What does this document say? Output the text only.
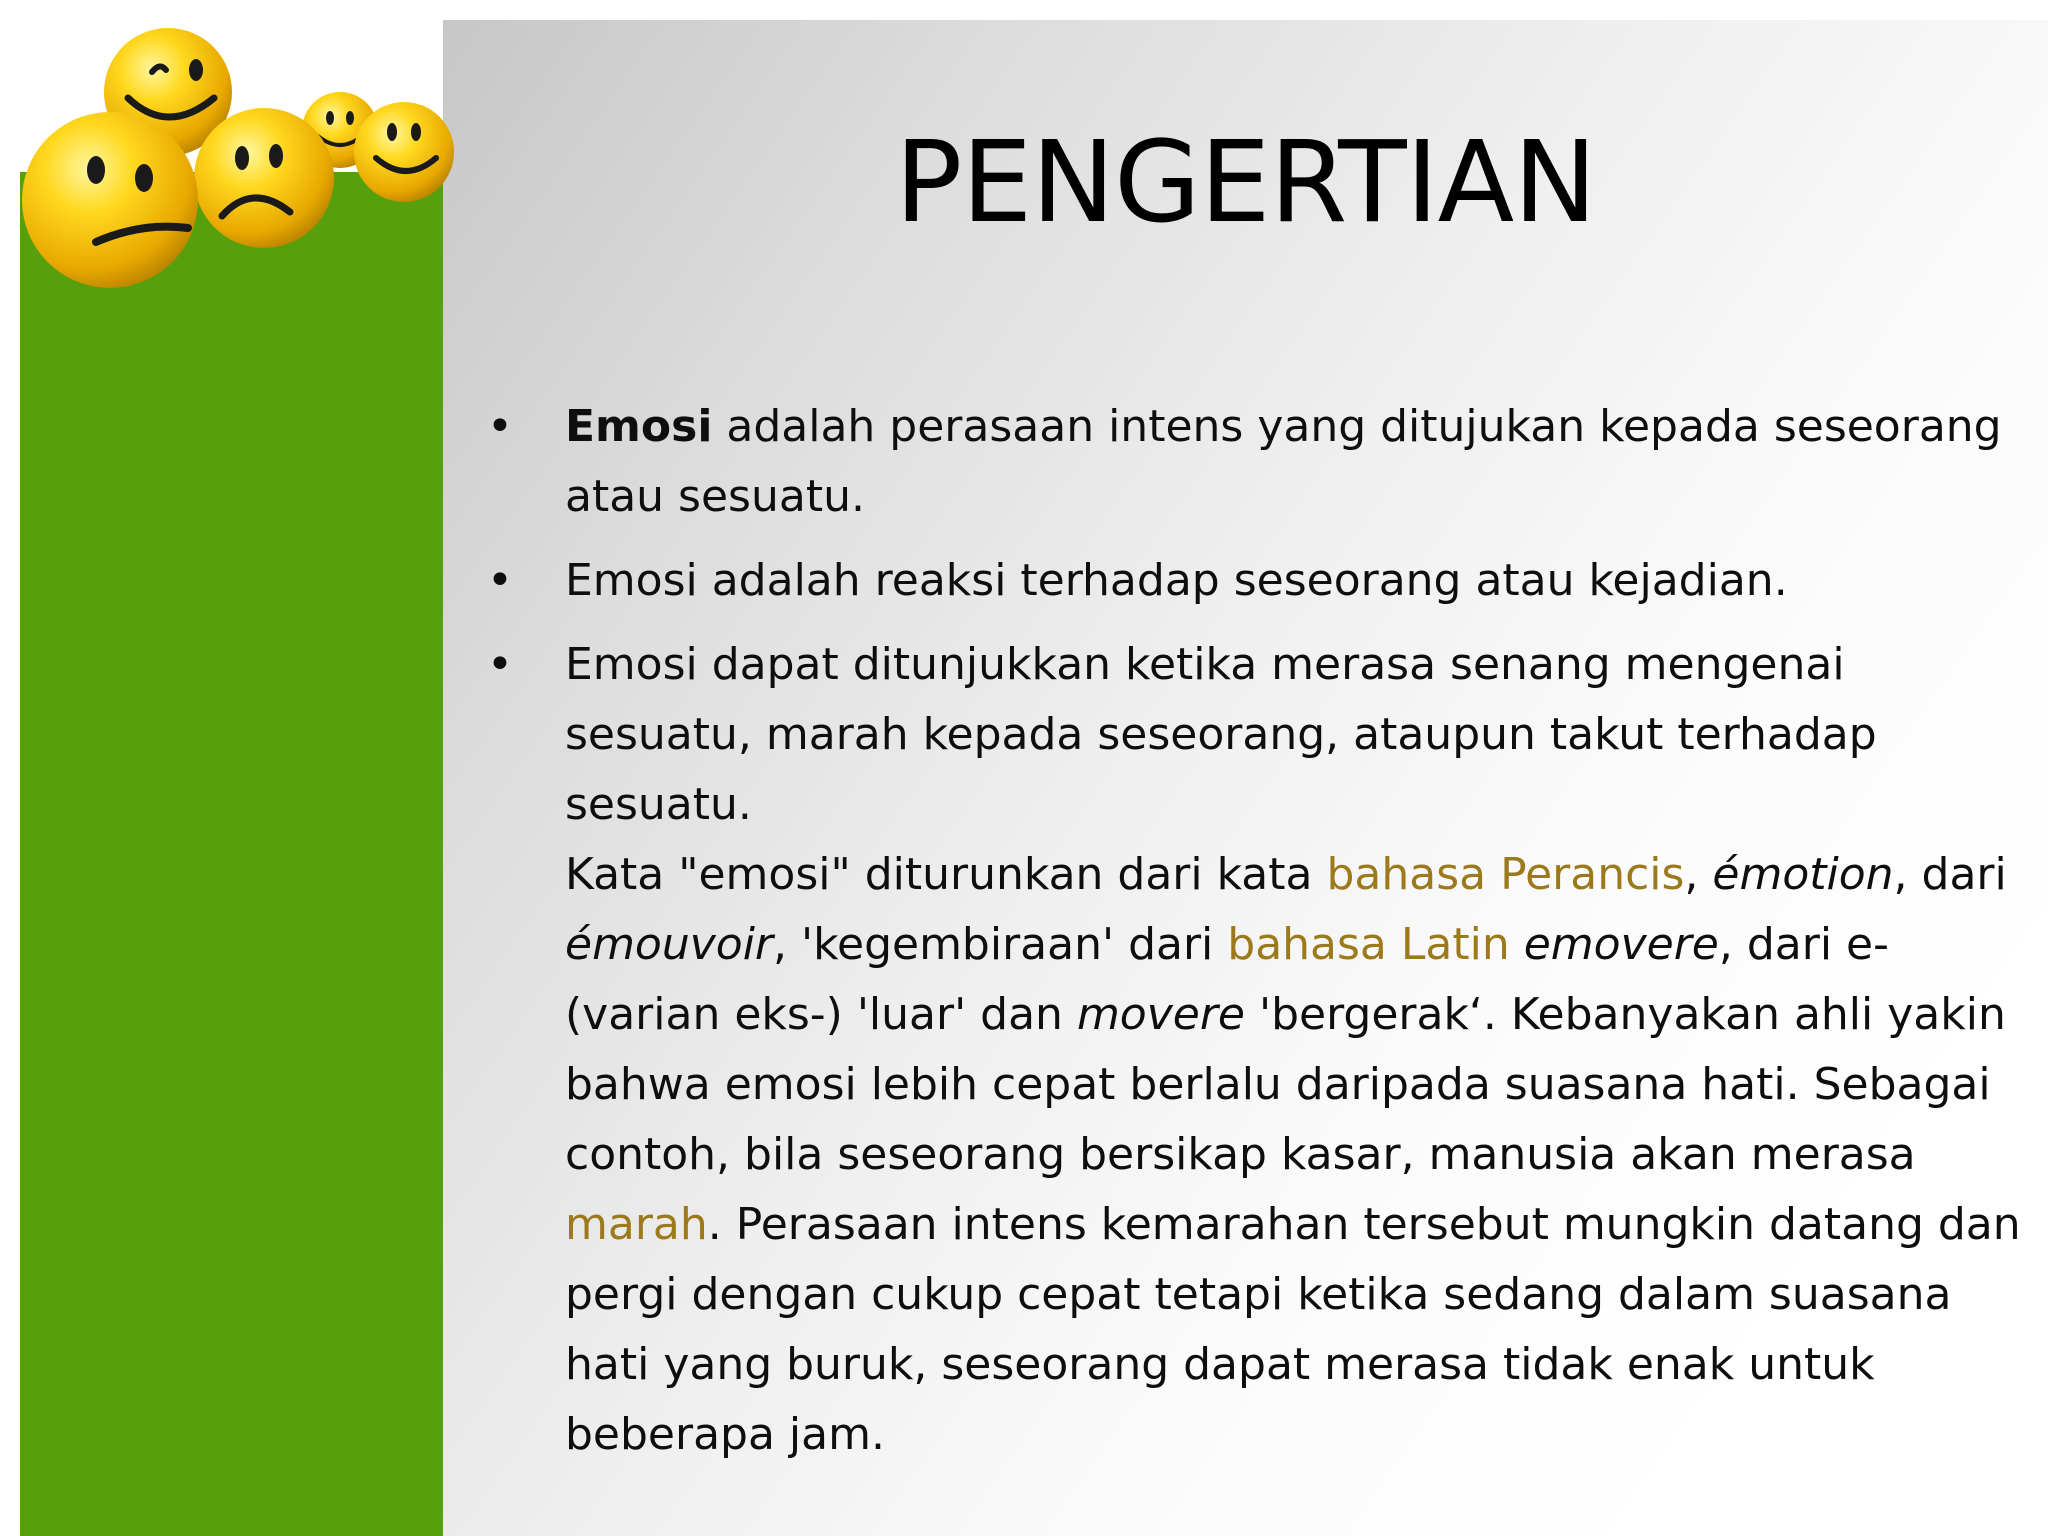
PENGERTIAN
• Emosi adalah perasaan intens yang ditujukan kepada seseorang atau sesuatu.
• Emosi adalah reaksi terhadap seseorang atau kejadian.
• Emosi dapat ditunjukkan ketika merasa senang mengenai sesuatu, marah kepada seseorang, ataupun takut terhadap sesuatu.
Kata "emosi" diturunkan dari kata bahasa Perancis, émotion, dari émouvoir, 'kegembiraan' dari bahasa Latin emovere, dari e- (varian eks-) 'luar' dan movere 'bergerak‘. Kebanyakan ahli yakin bahwa emosi lebih cepat berlalu daripada suasana hati. Sebagai contoh, bila seseorang bersikap kasar, manusia akan merasa marah. Perasaan intens kemarahan tersebut mungkin datang dan pergi dengan cukup cepat tetapi ketika sedang dalam suasana hati yang buruk, seseorang dapat merasa tidak enak untuk beberapa jam.
